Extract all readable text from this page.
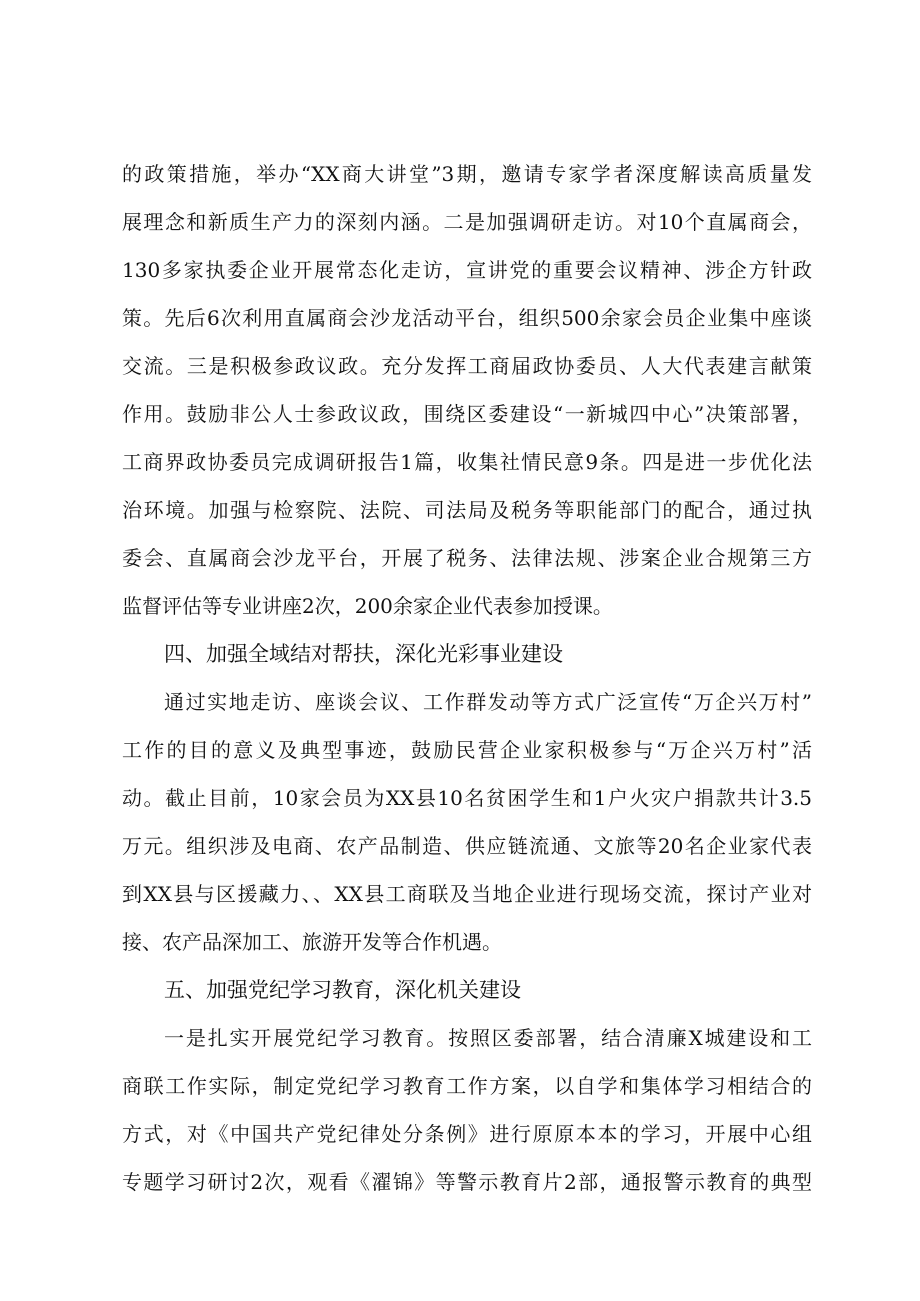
的政策措施，举办“XX商大讲堂”3期，邀请专家学者深度解读高质量发
展理念和新质生产力的深刻内涵。二是加强调研走访。对10个直属商会，
130多家执委企业开展常态化走访，宣讲党的重要会议精神、涉企方针政
策。先后6次利用直属商会沙龙活动平台，组织500余家会员企业集中座谈
交流。三是积极参政议政。充分发挥工商届政协委员、人大代表建言献策
作用。鼓励非公人士参政议政，围绕区委建设“一新城四中心”决策部署，
工商界政协委员完成调研报告1篇，收集社情民意9条。四是进一步优化法
治环境。加强与检察院、法院、司法局及税务等职能部门的配合，通过执
委会、直属商会沙龙平台，开展了税务、法律法规、涉案企业合规第三方
监督评估等专业讲座2次，200余家企业代表参加授课。
四、加强全域结对帮扶，深化光彩事业建设
通过实地走访、座谈会议、工作群发动等方式广泛宣传“万企兴万村”
工作的目的意义及典型事迹，鼓励民营企业家积极参与“万企兴万村”活
动。截止目前，10家会员为XX县10名贫困学生和1户火灾户捐款共计3.5
万元。组织涉及电商、农产品制造、供应链流通、文旅等20名企业家代表
到XX县与区援藏力、、XX县工商联及当地企业进行现场交流，探讨产业对
接、农产品深加工、旅游开发等合作机遇。
五、加强党纪学习教育，深化机关建设
一是扎实开展党纪学习教育。按照区委部署，结合清廉X城建设和工
商联工作实际，制定党纪学习教育工作方案，以自学和集体学习相结合的
方式，对《中国共产党纪律处分条例》进行原原本本的学习，开展中心组
专题学习研讨2次，观看《濯锦》等警示教育片2部，通报警示教育的典型
